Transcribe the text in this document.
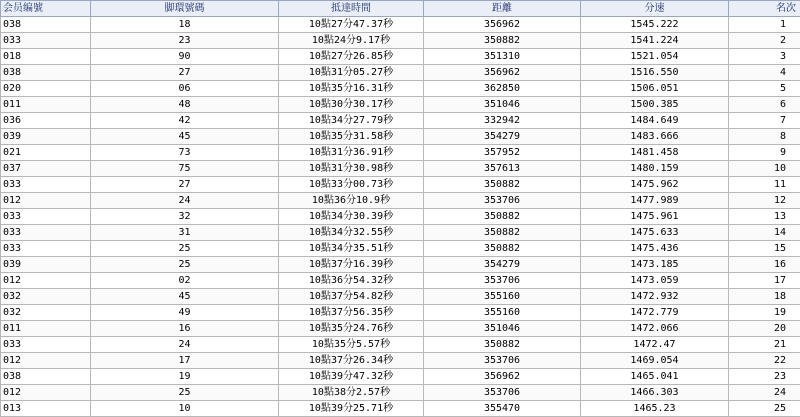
会员编號	脚環號碼	抵達時間	距離	分速	名次
038	18	10點27分47.37秒	356962	1545.222	1
033	23	10點24分9.17秒	350882	1541.224	2
018	90	10點27分26.85秒	351310	1521.054	3
038	27	10點31分05.27秒	356962	1516.550	4
020	06	10點35分16.31秒	362850	1506.051	5
011	48	10點30分30.17秒	351046	1500.385	6
036	42	10點34分27.79秒	332942	1484.649	7
039	45	10點35分31.58秒	354279	1483.666	8
021	73	10點31分36.91秒	357952	1481.458	9
037	75	10點31分30.98秒	357613	1480.159	10
033	27	10點33分00.73秒	350882	1475.962	11
012	24	10點36分10.9秒	353706	1477.989	12
033	32	10點34分30.39秒	350882	1475.961	13
033	31	10點34分32.55秒	350882	1475.633	14
033	25	10點34分35.51秒	350882	1475.436	15
039	25	10點37分16.39秒	354279	1473.185	16
012	02	10點36分54.32秒	353706	1473.059	17
032	45	10點37分54.82秒	355160	1472.932	18
032	49	10點37分56.35秒	355160	1472.779	19
011	16	10點35分24.76秒	351046	1472.066	20
033	24	10點35分5.57秒	350882	1472.47	21
012	17	10點37分26.34秒	353706	1469.054	22
038	19	10點39分47.32秒	356962	1465.041	23
012	25	10點38分2.57秒	353706	1466.303	24
013	10	10點39分25.71秒	355470	1465.23	25
